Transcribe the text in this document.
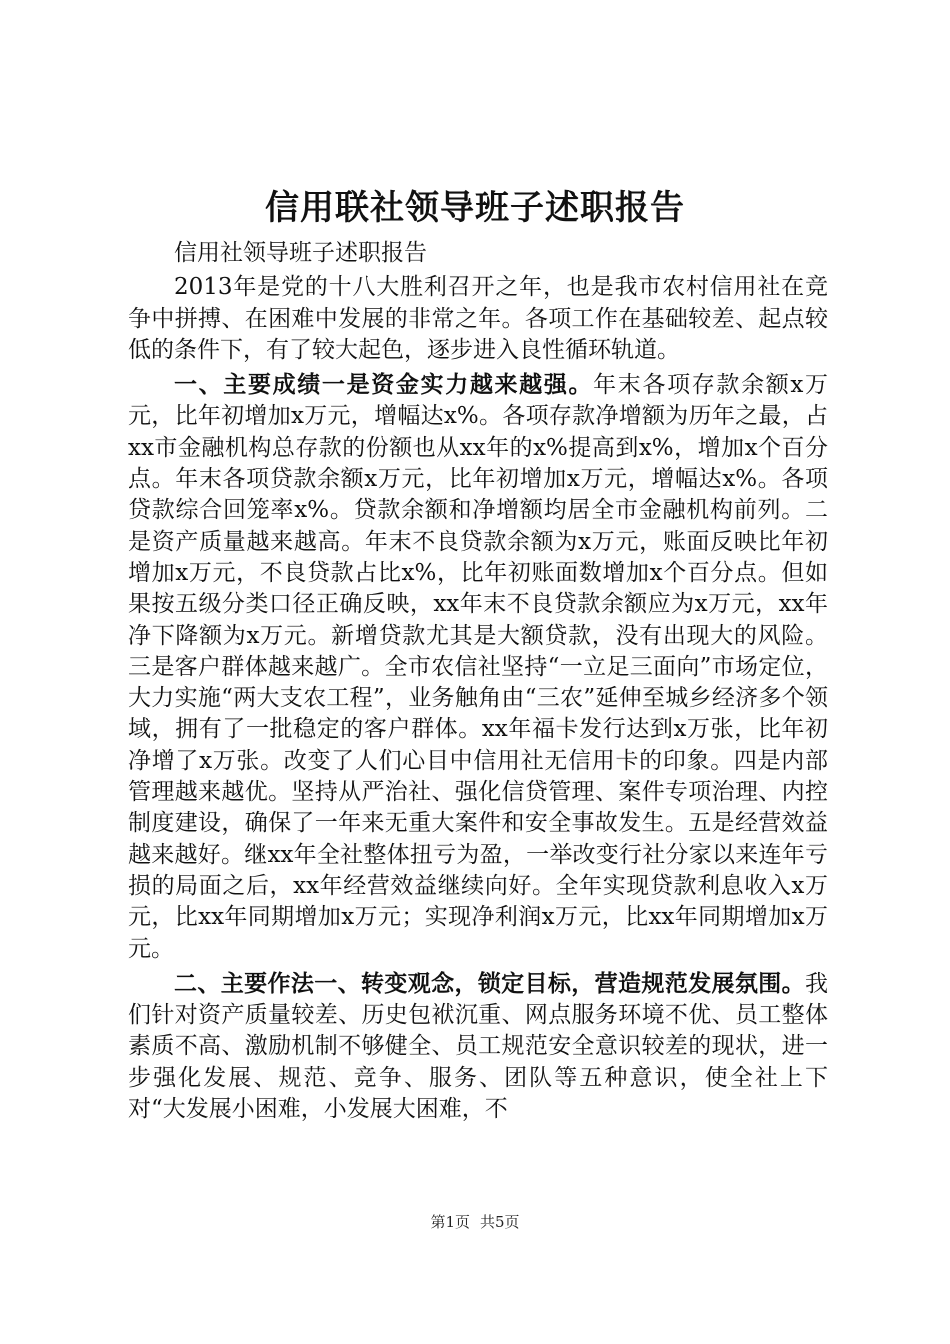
信用联社领导班子述职报告

信用社领导班子述职报告

2013年是党的十八大胜利召开之年，也是我市农村信用社在竞争中拼搏、在困难中发展的非常之年。各项工作在基础较差、起点较低的条件下，有了较大起色，逐步进入良性循环轨道。

一、主要成绩一是资金实力越来越强。年末各项存款余额x万元，比年初增加x万元，增幅达x%。各项存款净增额为历年之最，占xx市金融机构总存款的份额也从xx年的x%提高到x%，增加x个百分点。年末各项贷款余额x万元，比年初增加x万元，增幅达x%。各项贷款综合回笼率x%。贷款余额和净增额均居全市金融机构前列。二是资产质量越来越高。年末不良贷款余额为x万元，账面反映比年初增加x万元，不良贷款占比x%，比年初账面数增加x个百分点。但如果按五级分类口径正确反映，xx年末不良贷款余额应为x万元，xx年净下降额为x万元。新增贷款尤其是大额贷款，没有出现大的风险。三是客户群体越来越广。全市农信社坚持“一立足三面向”市场定位，大力实施“两大支农工程”，业务触角由“三农”延伸至城乡经济多个领域，拥有了一批稳定的客户群体。xx年福卡发行达到x万张，比年初净增了x万张。改变了人们心目中信用社无信用卡的印象。四是内部管理越来越优。坚持从严治社、强化信贷管理、案件专项治理、内控制度建设，确保了一年来无重大案件和安全事故发生。五是经营效益越来越好。继xx年全社整体扭亏为盈，一举改变行社分家以来连年亏损的局面之后，xx年经营效益继续向好。全年实现贷款利息收入x万元，比xx年同期增加x万元；实现净利润x万元，比xx年同期增加x万元。

二、主要作法一、转变观念，锁定目标，营造规范发展氛围。我们针对资产质量较差、历史包袱沉重、网点服务环境不优、员工整体素质不高、激励机制不够健全、员工规范安全意识较差的现状，进一步强化发展、规范、竞争、服务、团队等五种意识，使全社上下对“大发展小困难，小发展大困难，不

第1页 共5页
